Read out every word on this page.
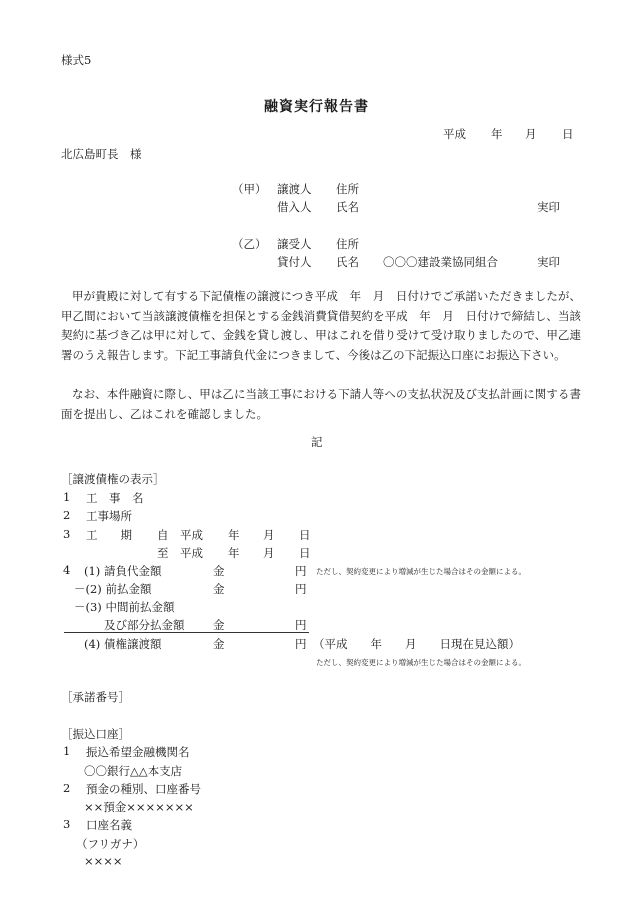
様式5
融資実行報告書
平成 年 月 日
北広島町長　様
（甲） 譲渡人 住所
借入人 氏名	実印
（乙） 譲受人 住所
貸付人 氏名 〇〇〇建設業協同組合	実印
甲が貴殿に対して有する下記債権の譲渡につき平成　年　月　日付けでご承諾いただきましたが、甲乙間において当該譲渡債権を担保とする金銭消費貸借契約を平成　年　月　日付けで締結し、当該契約に基づき乙は甲に対して、金銭を貸し渡し、甲はこれを借り受けて受け取りましたので、甲乙連署のうえ報告します。下記工事請負代金につきまして、今後は乙の下記振込口座にお振込下さい。
なお、本件融資に際し、甲は乙に当該工事における下請人等への支払状況及び支払計画に関する書面を提出し、乙はこれを確認しました。
記
［譲渡債権の表示］
1 工　事　名
2 工事場所
3 工　　期 自 平成 年 月 日
至 平成 年 月 日
4 (1) 請負代金額	金	円 ただし、契約変更により増減が生じた場合はその金額による。
－(2) 前払金額	金	円
－(3) 中間前払金額
及び部分払金額 金	円
(4) 債権譲渡額	金	円 （平成　　年　　月　　日現在見込額）
ただし、契約変更により増減が生じた場合はその金額による。
［承諾番号］
［振込口座］
1 振込希望金融機関名
〇〇銀行△△本支店
2 預金の種別、口座番号
××預金×××××××
3 口座名義
（フリガナ）
××××
